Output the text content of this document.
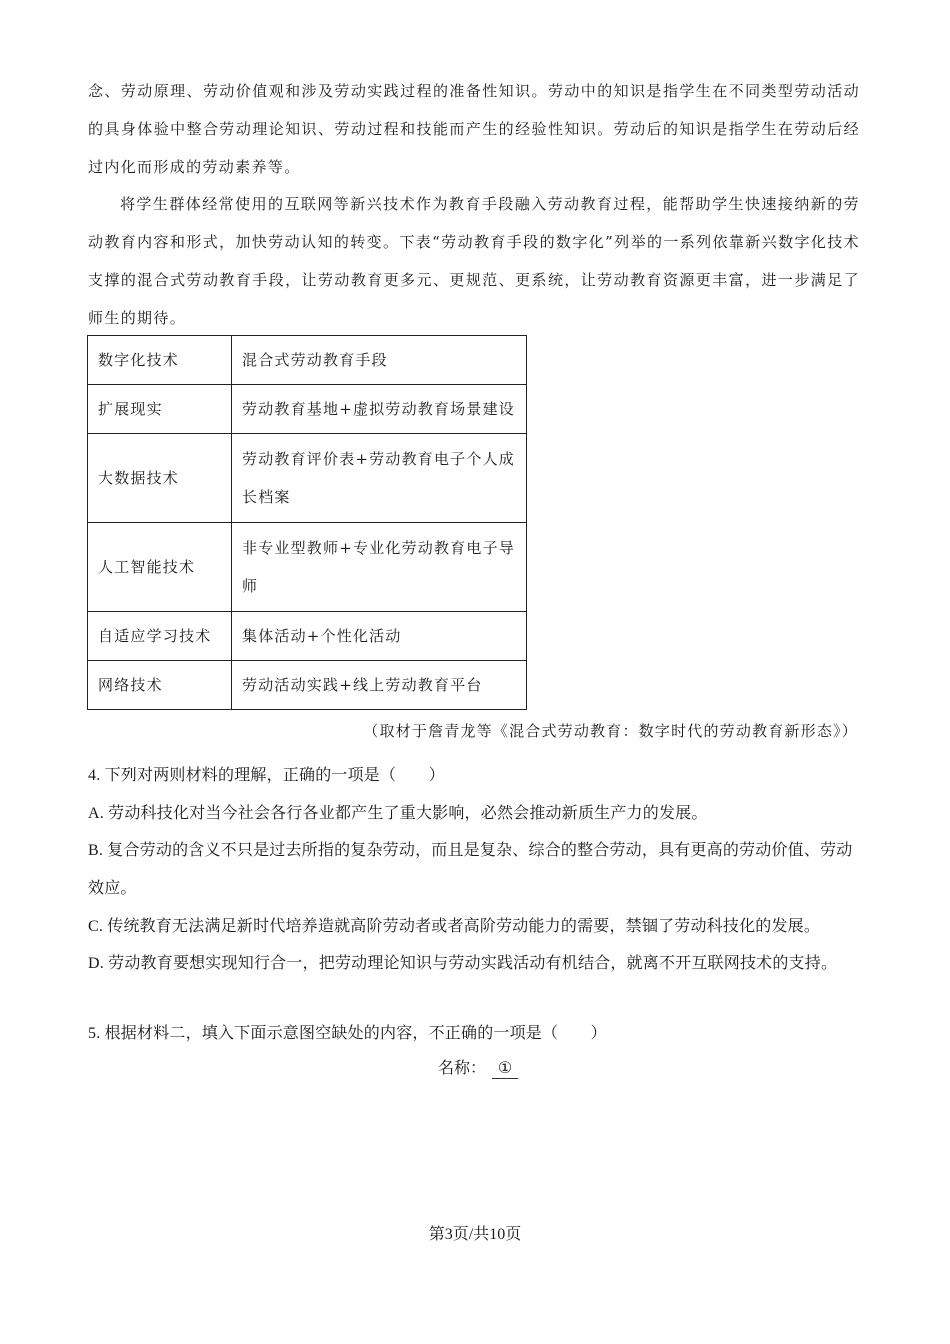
念、劳动原理、劳动价值观和涉及劳动实践过程的准备性知识。劳动中的知识是指学生在不同类型劳动活动的具身体验中整合劳动理论知识、劳动过程和技能而产生的经验性知识。劳动后的知识是指学生在劳动后经过内化而形成的劳动素养等。

将学生群体经常使用的互联网等新兴技术作为教育手段融入劳动教育过程，能帮助学生快速接纳新的劳动教育内容和形式，加快劳动认知的转变。下表“劳动教育手段的数字化”列举的一系列依靠新兴数字化技术支撑的混合式劳动教育手段，让劳动教育更多元、更规范、更系统，让劳动教育资源更丰富，进一步满足了师生的期待。

数字化技术	混合式劳动教育手段
扩展现实	劳动教育基地+虚拟劳动教育场景建设
大数据技术	劳动教育评价表+劳动教育电子个人成长档案
人工智能技术	非专业型教师+专业化劳动教育电子导师
自适应学习技术	集体活动+个性化活动
网络技术	劳动活动实践+线上劳动教育平台

（取材于詹青龙等《混合式劳动教育：数字时代的劳动教育新形态》）

4. 下列对两则材料的理解，正确的一项是（　　）

A. 劳动科技化对当今社会各行各业都产生了重大影响，必然会推动新质生产力的发展。

B. 复合劳动的含义不只是过去所指的复杂劳动，而且是复杂、综合的整合劳动，具有更高的劳动价值、劳动效应。

C. 传统教育无法满足新时代培养造就高阶劳动者或者高阶劳动能力的需要，禁锢了劳动科技化的发展。

D. 劳动教育要想实现知行合一，把劳动理论知识与劳动实践活动有机结合，就离不开互联网技术的支持。

5. 根据材料二，填入下面示意图空缺处的内容，不正确的一项是（　　）

名称： ①

第3页/共10页
